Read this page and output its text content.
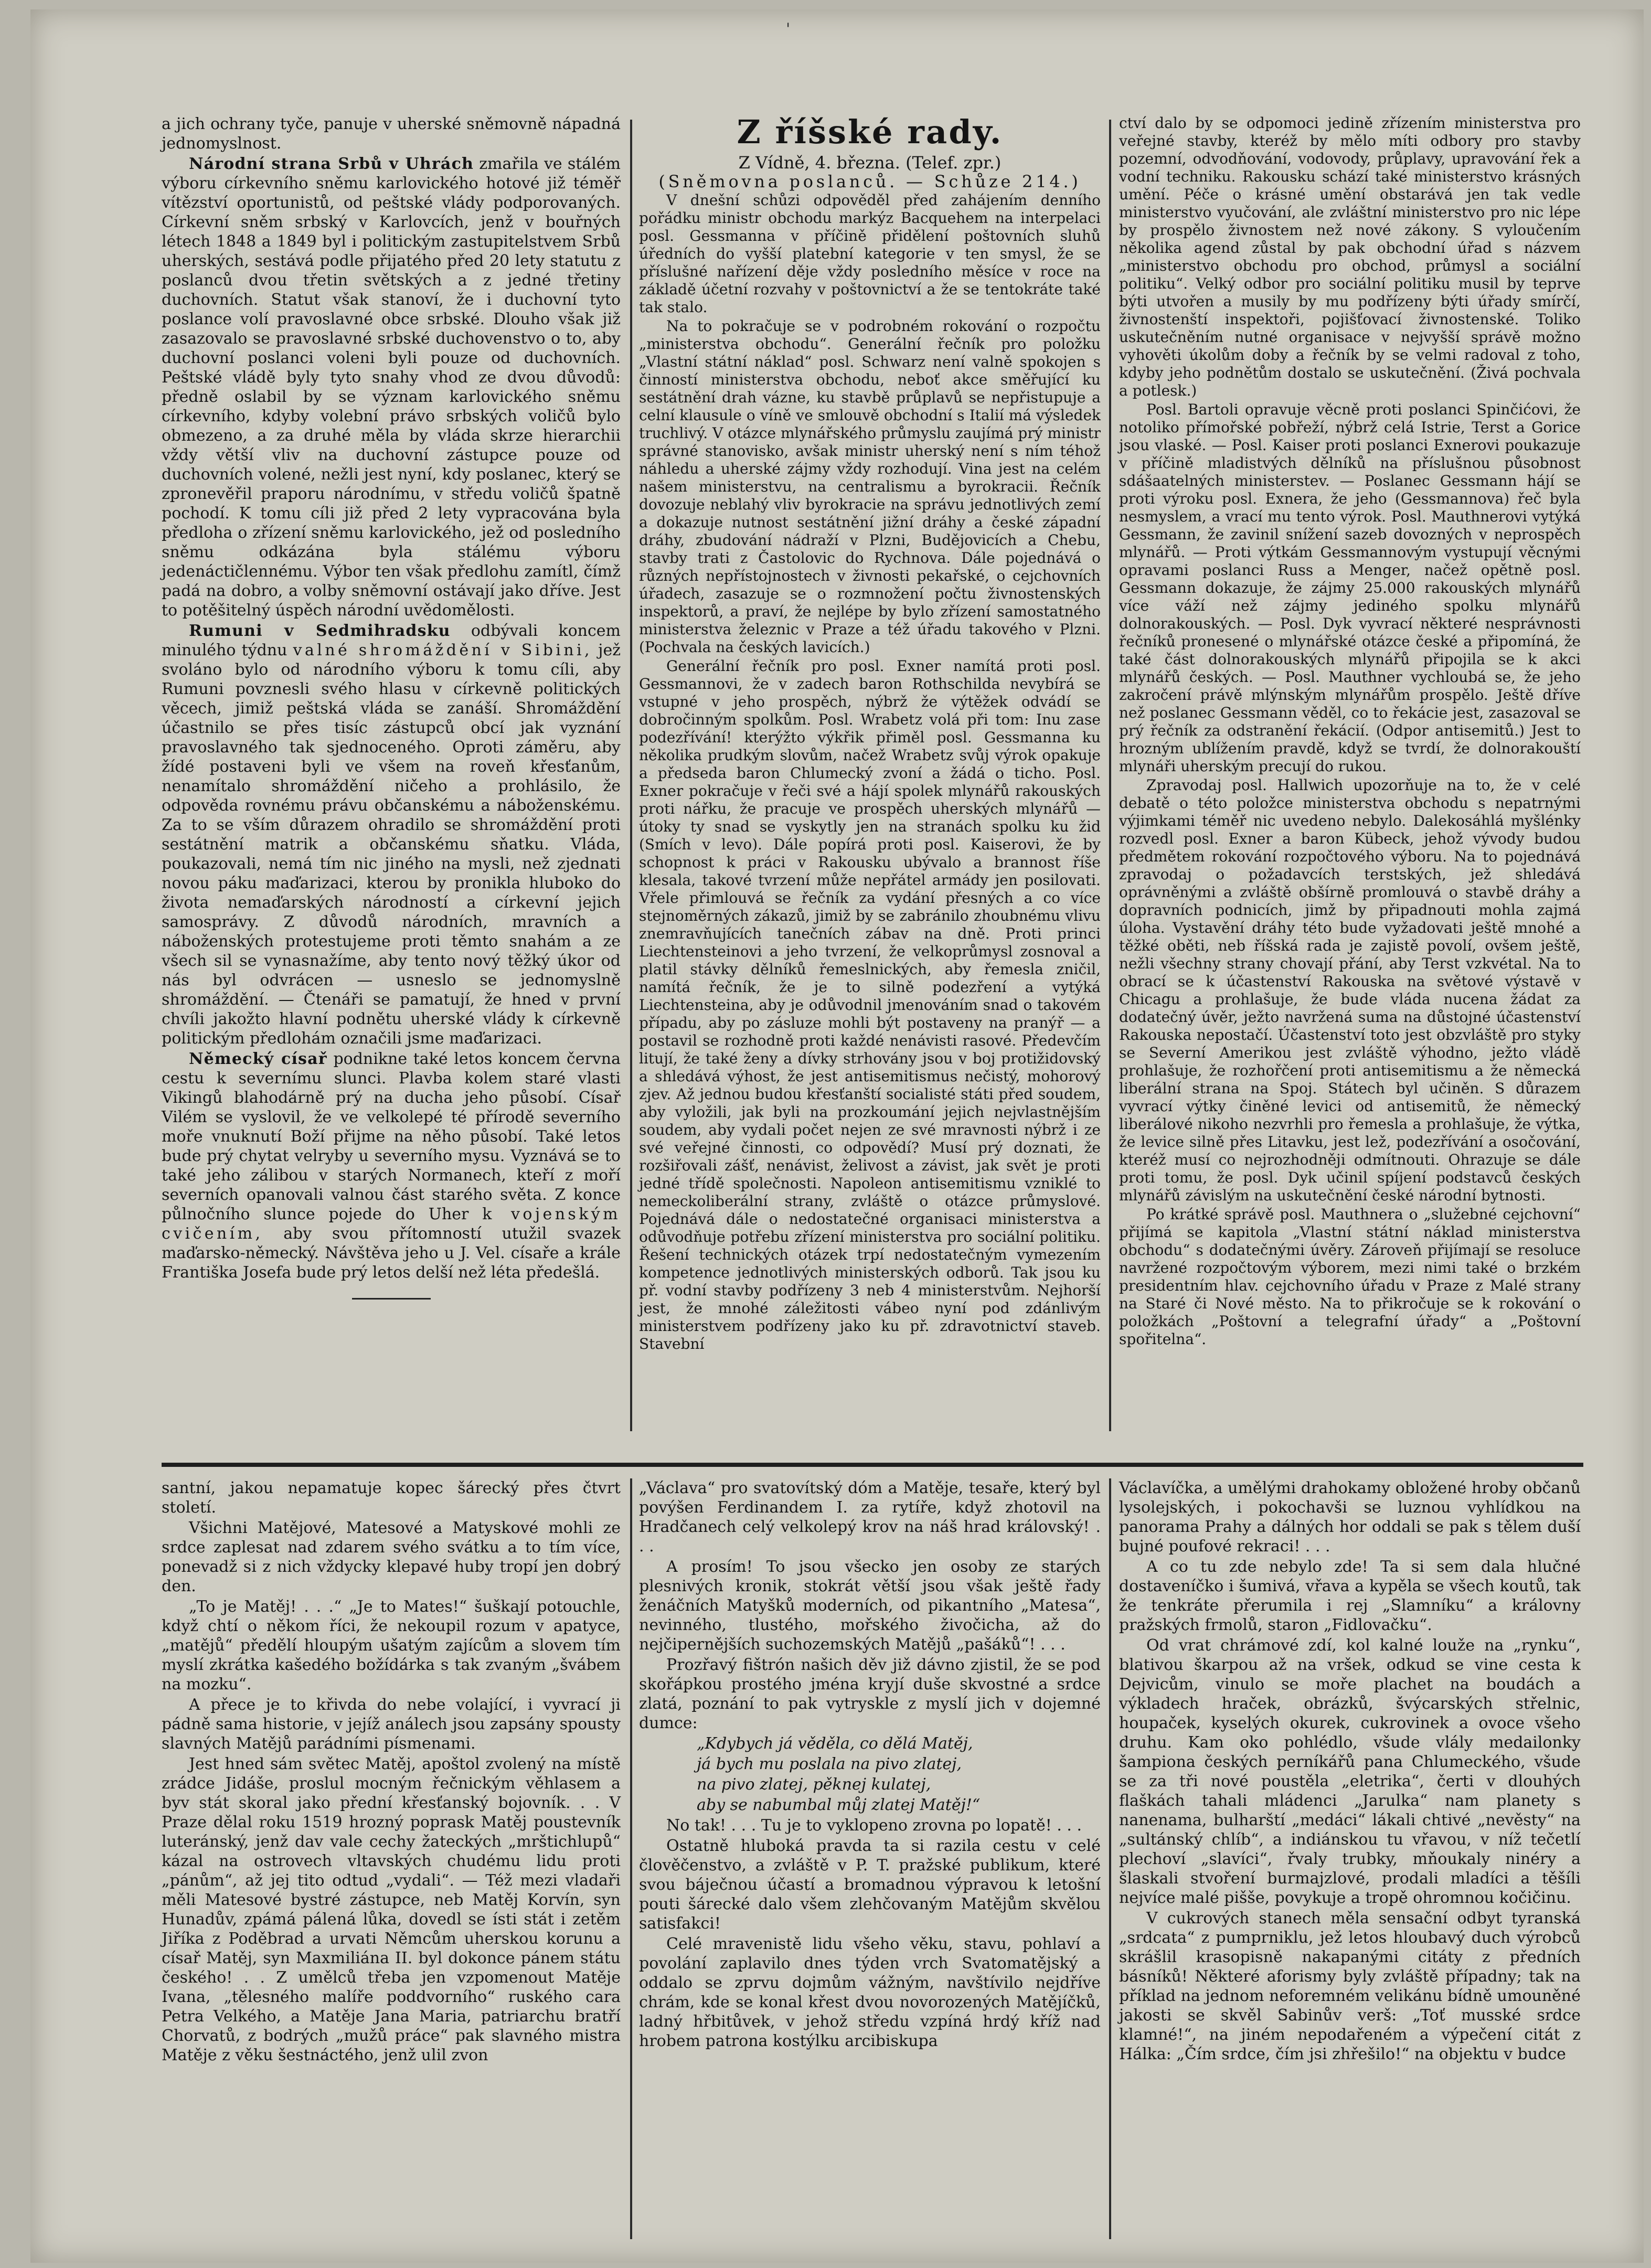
'

a jich ochrany tyče, panuje v uherské sněmovně nápadná jednomyslnost.

Národní strana Srbů v Uhrách zmařila ve stálém výboru církevního sněmu karlovického hotové již téměř vítězství oportunistů, od peštské vlády podporovaných. Církevní sněm srbský v Karlovcích, jenž v bouřných létech 1848 a 1849 byl i politickým zastupitelstvem Srbů uherských, sestává podle přijatého před 20 lety statutu z poslanců dvou třetin světských a z jedné třetiny duchovních. Statut však stanoví, že i duchovní tyto poslance volí pravoslavné obce srbské. Dlouho však již zasazovalo se pravoslavné srbské duchovenstvo o to, aby duchovní poslanci voleni byli pouze od duchovních. Peštské vládě byly tyto snahy vhod ze dvou důvodů: předně oslabil by se význam karlovického sněmu církevního, kdyby volební právo srbských voličů bylo obmezeno, a za druhé měla by vláda skrze hierarchii vždy větší vliv na duchovní zástupce pouze od duchovních volené, nežli jest nyní, kdy poslanec, který se zpronevěřil praporu národnímu, v středu voličů špatně pochodí. K tomu cíli již před 2 lety vypracována byla předloha o zřízení sněmu karlovického, jež od posledního sněmu odkázána byla stálému výboru jedenáctičlennému. Výbor ten však předlohu zamítl, čímž padá na dobro, a volby sněmovní ostávají jako dříve. Jest to potěšitelný úspěch národní uvědomělosti.

Rumuni v Sedmihradsku odbývali koncem minulého týdnu valné shromáždění v Sibini, jež svoláno bylo od národního výboru k tomu cíli, aby Rumuni povznesli svého hlasu v církevně politických věcech, jimiž peštská vláda se zanáší. Shromáždění účastnilo se přes tisíc zástupců obcí jak vyznání pravoslavného tak sjednoceného. Oproti záměru, aby žídé postaveni byli ve všem na roveň křesťanům, nenamítalo shromáždění ničeho a prohlásilo, že odpověda rovnému právu občanskému a náboženskému. Za to se vším důrazem ohradilo se shromáždění proti sestátnění matrik a občanskému sňatku. Vláda, poukazovali, nemá tím nic jiného na mysli, než zjednati novou páku maďarizaci, kterou by pronikla hluboko do života nemaďarských národností a církevní jejich samosprávy. Z důvodů národních, mravních a náboženských protestujeme proti těmto snahám a ze všech sil se vynasnažíme, aby tento nový těžký úkor od nás byl odvrácen — usneslo se jednomyslně shromáždění. — Čtenáři se pamatují, že hned v první chvíli jakožto hlavní podnětu uherské vlády k církevně politickým předlohám označili jsme maďarizaci.

Německý císař podnikne také letos koncem června cestu k severnímu slunci. Plavba kolem staré vlasti Vikingů blahodárně prý na ducha jeho působí. Císař Vilém se vyslovil, že ve velkolepé té přírodě severního moře vnuknutí Boží přijme na něho působí. Také letos bude prý chytat velryby u severního mysu. Vyznává se to také jeho zálibou v starých Normanech, kteří z moří severních opanovali valnou část starého světa. Z konce půlnočního slunce pojede do Uher k vojenským cvičením, aby svou přítomností utužil svazek maďarsko-německý. Návštěva jeho u J. Vel. císaře a krále Františka Josefa bude prý letos delší než léta předešlá.

Z říšské rady.

Z Vídně, 4. března. (Telef. zpr.)

(Sněmovna poslanců. — Schůze 214.)

V dnešní schůzi odpověděl před zahájením denního pořádku ministr obchodu markýz Bacquehem na interpelaci posl. Gessmanna v příčině přidělení poštovních sluhů úředních do vyšší platební kategorie v ten smysl, že se příslušné nařízení děje vždy posledního měsíce v roce na základě účetní rozvahy v poštovnictví a že se tentokráte také tak stalo.

Na to pokračuje se v podrobném rokování o rozpočtu „ministerstva obchodu“. Generální řečník pro položku „Vlastní státní náklad“ posl. Schwarz není valně spokojen s činností ministerstva obchodu, neboť akce směřující ku sestátnění drah vázne, ku stavbě průplavů se nepřistupuje a celní klausule o víně ve smlouvě obchodní s Italií má výsledek truchlivý. V otázce mlynářského průmyslu zaujímá prý ministr správné stanovisko, avšak ministr uherský není s ním téhož náhledu a uherské zájmy vždy rozhodují. Vina jest na celém našem ministerstvu, na centralismu a byrokracii. Řečník dovozuje neblahý vliv byrokracie na správu jednotlivých zemí a dokazuje nutnost sestátnění jižní dráhy a české západní dráhy, zbudování nádraží v Plzni, Budějovicích a Chebu, stavby trati z Častolovic do Rychnova. Dále pojednává o různých nepřístojnostech v živnosti pekařské, o cejchovních úřadech, zasazuje se o rozmnožení počtu živnostenských inspektorů, a praví, že nejlépe by bylo zřízení samostatného ministerstva železnic v Praze a též úřadu takového v Plzni. (Pochvala na českých lavicích.)

Generální řečník pro posl. Exner namítá proti posl. Gessmannovi, že v zadech baron Rothschilda nevybírá se vstupné v jeho prospěch, nýbrž že výtěžek odvádí se dobročinným spolkům. Posl. Wrabetz volá při tom: Inu zase podezřívání! kterýžto výkřik přiměl posl. Gessmanna ku několika prudkým slovům, načež Wrabetz svůj výrok opakuje a předseda baron Chlumecký zvoní a žádá o ticho. Posl. Exner pokračuje v řeči své a hájí spolek mlynářů rakouských proti nářku, že pracuje ve prospěch uherských mlynářů — útoky ty snad se vyskytly jen na stranách spolku ku žid (Smích v levo). Dále popírá proti posl. Kaiserovi, že by schopnost k práci v Rakousku ubývalo a brannost říše klesala, takové tvrzení může nepřátel armády jen posilovati. Vřele přimlouvá se řečník za vydání přesných a co více stejnoměrných zákazů, jimiž by se zabránilo zhoubnému vlivu znemravňujících tanečních zábav na dně. Proti princi Liechtensteinovi a jeho tvrzení, že velkoprůmysl zosnoval a platil stávky dělníků řemeslnických, aby řemesla zničil, namítá řečník, že je to silně podezření a vytýká Liechtensteina, aby je odůvodnil jmenováním snad o takovém případu, aby po zásluze mohli být postaveny na pranýř — a postavil se rozhodně proti každé nenávisti rasové. Předevčím litují, že také ženy a dívky strhovány jsou v boj protižidovský a shledává výhost, že jest antisemitismus nečistý, mohorový zjev. Až jednou budou křesťanští socialisté státi před soudem, aby vyložili, jak byli na prozkoumání jejich nejvlastnějším soudem, aby vydali počet nejen ze své mravnosti nýbrž i ze své veřejné činnosti, co odpovědí? Musí prý doznati, že rozšiřovali zášť, nenávist, želivost a závist, jak svět je proti jedné třídě společnosti. Napoleon antisemitismu vzniklé to nemeckoliberální strany, zvláště o otázce průmyslové. Pojednává dále o nedostatečné organisaci ministerstva a odůvodňuje potřebu zřízení ministerstva pro sociální politiku. Řešení technických otázek trpí nedostatečným vymezením kompetence jednotlivých ministerských odborů. Tak jsou ku př. vodní stavby podřízeny 3 neb 4 ministerstvům. Nejhorší jest, že mnohé záležitosti vábeo nyní pod zdánlivým ministerstvem podřízeny jako ku př. zdravotnictví staveb. Stavební

ctví dalo by se odpomoci jedině zřízením ministerstva pro veřejné stavby, kteréž by mělo míti odbory pro stavby pozemní, odvodňování, vodovody, průplavy, upravování řek a vodní techniku. Rakousku schází také ministerstvo krásných umění. Péče o krásné umění obstarává jen tak vedle ministerstvo vyučování, ale zvláštní ministerstvo pro nic lépe by prospělo živnostem než nové zákony. S vyloučením několika agend zůstal by pak obchodní úřad s názvem „ministerstvo obchodu pro obchod, průmysl a sociální politiku“. Velký odbor pro sociální politiku musil by teprve býti utvořen a musily by mu podřízeny býti úřady smírčí, živnostenští inspektoři, pojišťovací živnostenské. Toliko uskutečněním nutné organisace v nejvyšší správě možno vyhověti úkolům doby a řečník by se velmi radoval z toho, kdyby jeho podnětům dostalo se uskutečnění. (Živá pochvala a potlesk.)

Posl. Bartoli opravuje věcně proti poslanci Spinčićovi, že notoliko přímořské pobřeží, nýbrž celá Istrie, Terst a Gorice jsou vlaské. — Posl. Kaiser proti poslanci Exnerovi poukazuje v příčině mladistvých dělníků na příslušnou působnost sdášaatelných ministerstev. — Poslanec Gessmann hájí se proti výroku posl. Exnera, že jeho (Gessmannova) řeč byla nesmyslem, a vrací mu tento výrok. Posl. Mauthnerovi vytýká Gessmann, že zavinil snížení sazeb dovozných v neprospěch mlynářů. — Proti výtkám Gessmannovým vystupují věcnými opravami poslanci Russ a Menger, načež opětně posl. Gessmann dokazuje, že zájmy 25.000 rakouských mlynářů více váží než zájmy jediného spolku mlynářů dolnorakouských. — Posl. Dyk vyvrací některé nesprávnosti řečníků pronesené o mlynářské otázce české a připomíná, že také část dolnorakouských mlynářů připojila se k akci mlynářů českých. — Posl. Mauthner vychloubá se, že jeho zakročení právě mlýnským mlynářům prospělo. Ještě dříve než poslanec Gessmann věděl, co to řekácie jest, zasazoval se prý řečník za odstranění řekácií. (Odpor antisemitů.) Jest to hrozným ublížením pravdě, když se tvrdí, že dolnorakouští mlynáři uherským precují do rukou.

Zpravodaj posl. Hallwich upozorňuje na to, že v celé debatě o této položce ministerstva obchodu s nepatrnými výjimkami téměř nic uvedeno nebylo. Dalekosáhlá myšlénky rozvedl posl. Exner a baron Kübeck, jehož vývody budou předmětem rokování rozpočtového výboru. Na to pojednává zpravodaj o požadavcích terstských, jež shledává oprávněnými a zvláště obšírně promlouvá o stavbě dráhy a dopravních podnicích, jimž by připadnouti mohla zajmá úloha. Vystavění dráhy této bude vyžadovati ještě mnohé a těžké oběti, neb říšská rada je zajistě povolí, ovšem ještě, nežli všechny strany chovají přání, aby Terst vzkvétal. Na to obrací se k účastenství Rakouska na světové výstavě v Chicagu a prohlašuje, že bude vláda nucena žádat za dodatečný úvěr, ježto navržená suma na důstojné účastenství Rakouska nepostačí. Účastenství toto jest obzvláště pro styky se Severní Amerikou jest zvláště výhodno, ježto vládě prohlašuje, že rozhořčení proti antisemitismu a že německá liberální strana na Spoj. Státech byl učiněn. S důrazem vyvrací výtky činěné levici od antisemitů, že německý liberálové nikoho nezvrhli pro řemesla a prohlašuje, že výtka, že levice silně přes Litavku, jest lež, podezřívání a osočování, kteréž musí co nejrozhodněji odmítnouti. Ohrazuje se dále proti tomu, že posl. Dyk učinil spíjení podstavců českých mlynářů závislým na uskutečnění české národní bytnosti.

Po krátké správě posl. Mauthnera o „služebné cejchovní“ přijímá se kapitola „Vlastní státní náklad ministerstva obchodu“ s dodatečnými úvěry. Zároveň přijímají se resoluce navržené rozpočtovým výborem, mezi nimi také o brzkém presidentním hlav. cejchovního úřadu v Praze z Malé strany na Staré či Nové město. Na to přikročuje se k rokování o položkách „Poštovní a telegrafní úřady“ a „Poštovní spořitelna“.

santní, jakou nepamatuje kopec šárecký přes čtvrt století.

Všichni Matějové, Matesové a Matyskové mohli ze srdce zaplesat nad zdarem svého svátku a to tím více, ponevadž si z nich vždycky klepavé huby tropí jen dobrý den.

„To je Matěj! . . .“ „Je to Mates!“ šuškají potouchle, když chtí o někom říci, že nekoupil rozum v apatyce, „matějů“ předělí hloupým ušatým zajícům a slovem tím myslí zkrátka kašedého božídárka s tak zvaným „švábem na mozku“.

A přece je to křivda do nebe volající, i vyvrací ji pádně sama historie, v jejíž análech jsou zapsány spousty slavných Matějů parádními písmenami.

Jest hned sám světec Matěj, apoštol zvolený na místě zrádce Jidáše, proslul mocným řečnickým věhlasem a byv stát skoral jako přední křesťanský bojovník. . . V Praze dělal roku 1519 hrozný poprask Matěj poustevník luteránský, jenž dav vale cechy žateckých „mrštichlupů“ kázal na ostrovech vltavských chudému lidu proti „pánům“, až jej tito odtud „vydali“. — Též mezi vladaři měli Matesové bystré zástupce, neb Matěj Korvín, syn Hunadův, zpámá pálená lůka, dovedl se ísti stát i zetěm Jiříka z Poděbrad a urvati Němcům uherskou korunu a císař Matěj, syn Maxmiliána II. byl dokonce pánem státu českého! . . Z umělců třeba jen vzpomenout Matěje Ivana, „tělesného malíře poddvorního“ ruského cara Petra Velkého, a Matěje Jana Maria, patriarchu bratří Chorvatů, z bodrých „mužů práce“ pak slavného mistra Matěje z věku šestnáctého, jenž ulil zvon

„Václava“ pro svatovítský dóm a Matěje, tesaře, který byl povýšen Ferdinandem I. za rytíře, když zhotovil na Hradčanech celý velkolepý krov na náš hrad královský! . . .

A prosím! To jsou všecko jen osoby ze starých plesnivých kronik, stokrát větší jsou však ještě řady ženáčních Matyšků moderních, od pikantního „Matesa“, nevinného, tlustého, mořského živočicha, až do nejčipernějších suchozemských Matějů „pašáků“! . . .

Prozřavý fištrón našich děv již dávno zjistil, že se pod skořápkou prostého jména kryjí duše skvostné a srdce zlatá, poznání to pak vytryskle z myslí jich v dojemné dumce:

„Kdybych já věděla, co dělá Matěj,

já bych mu poslala na pivo zlatej,

na pivo zlatej, pěknej kulatej,

aby se nabumbal můj zlatej Matěj!“

No tak! . . . Tu je to vyklopeno zrovna po lopatě! . . .

Ostatně hluboká pravda ta si razila cestu v celé člověčenstvo, a zvláště v P. T. pražské publikum, které svou báječnou účastí a bromadnou výpravou k letošní pouti šárecké dalo všem zlehčovaným Matějům skvělou satisfakci!

Celé mravenistě lidu všeho věku, stavu, pohlaví a povolání zaplavilo dnes týden vrch Svatomatějský a oddalo se zprvu dojmům vážným, navštívilo nejdříve chrám, kde se konal křest dvou novorozených Matějíčků, ladný hřbitůvek, v jehož středu vzpíná hrdý kříž nad hrobem patrona kostýlku arcibiskupa

Václavíčka, a umělými drahokamy obložené hroby občanů lysolejských, i pokochavši se luznou vyhlídkou na panorama Prahy a dálných hor oddali se pak s tělem duší bujné poufové rekraci! . . .

A co tu zde nebylo zde! Ta si sem dala hlučné dostaveníčko i šumivá, vřava a kypěla se všech koutů, tak že tenkráte přerumila i rej „Slamníku“ a královny pražských frmolů, staron „Fidlovačku“.

Od vrat chrámové zdí, kol kalné louže na „rynku“, blativou škarpou až na vršek, odkud se vine cesta k Dejvicům, vinulo se moře plachet na boudách a výkladech hraček, obrázků, švýcarských střelnic, houpaček, kyselých okurek, cukrovinek a ovoce všeho druhu. Kam oko pohlédlo, všude vlály medailonky šampiona českých perníkářů pana Chlumeckého, všude se za tři nové poustěla „eletrika“, čerti v dlouhých flaškách tahali mládenci „Jarulka“ nam planety s nanenama, bulharští „medáci“ lákali chtivé „nevěsty“ na „sultánský chlíb“, a indiánskou tu vřavou, v níž tečetlí plechoví „slavíci“, řvaly trubky, mňoukaly ninéry a šlaskali stvoření burmajzlové, prodali mladíci a těšíli nejvíce malé pišše, povykuje a tropě ohromnou kočičinu.

V cukrových stanech měla sensační odbyt tyranská „srdcata“ z pumprniklu, jež letos hloubavý duch výrobců skrášlil krasopisně nakapanými citáty z předních básníků! Některé aforismy byly zvláště případny; tak na příklad na jednom neforemném velikánu bídně umouněné jakosti se skvěl Sabinův verš: „Toť musské srdce klamné!“, na jiném nepodařeném a výpečení citát z Hálka: „Čím srdce, čím jsi zhřešilo!“ na objektu v budce
